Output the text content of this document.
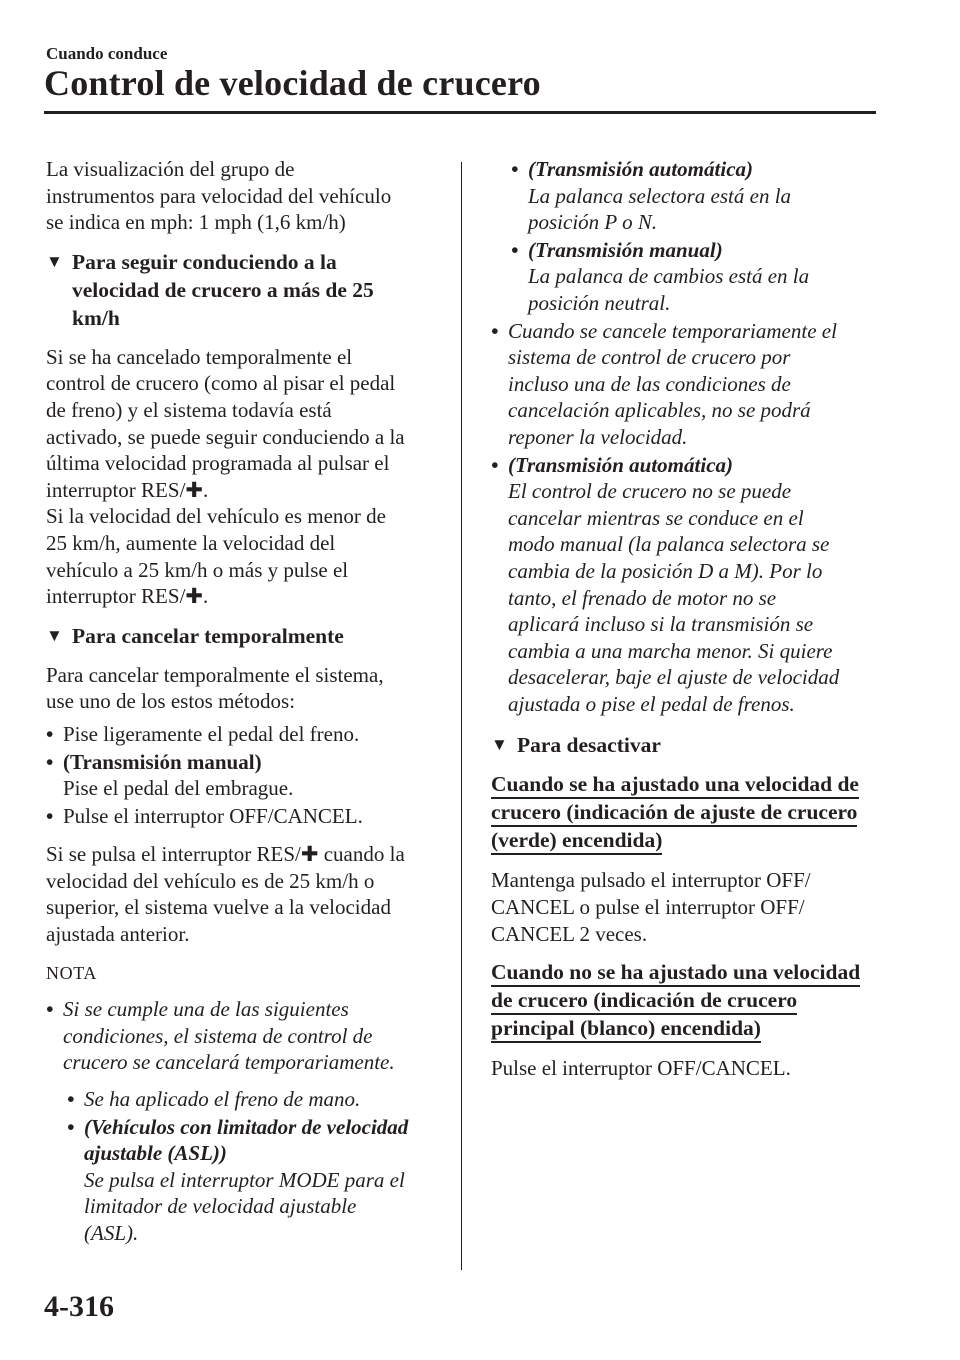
Cuando conduce
Control de velocidad de crucero

La visualización del grupo de
instrumentos para velocidad del vehículo
se indica en mph: 1 mph (1,6 km/h)

▼ Para seguir conduciendo a la
velocidad de crucero a más de 25
km/h

Si se ha cancelado temporalmente el
control de crucero (como al pisar el pedal
de freno) y el sistema todavía está
activado, se puede seguir conduciendo a la
última velocidad programada al pulsar el
interruptor RES/✚.

Si la velocidad del vehículo es menor de
25 km/h, aumente la velocidad del
vehículo a 25 km/h o más y pulse el
interruptor RES/✚.

▼ Para cancelar temporalmente

Para cancelar temporalmente el sistema,
use uno de los estos métodos:

• Pise ligeramente el pedal del freno.
• (Transmisión manual)
Pise el pedal del embrague.
• Pulse el interruptor OFF/CANCEL.

Si se pulsa el interruptor RES/✚ cuando la
velocidad del vehículo es de 25 km/h o
superior, el sistema vuelve a la velocidad
ajustada anterior.

NOTA
• Si se cumple una de las siguientes
condiciones, el sistema de control de
crucero se cancelará temporariamente.
• Se ha aplicado el freno de mano.
• (Vehículos con limitador de velocidad
ajustable (ASL))
Se pulsa el interruptor MODE para el
limitador de velocidad ajustable
(ASL).
• (Transmisión automática)
La palanca selectora está en la
posición P o N.
• (Transmisión manual)
La palanca de cambios está en la
posición neutral.
• Cuando se cancele temporariamente el
sistema de control de crucero por
incluso una de las condiciones de
cancelación aplicables, no se podrá
reponer la velocidad.
• (Transmisión automática)
El control de crucero no se puede
cancelar mientras se conduce en el
modo manual (la palanca selectora se
cambia de la posición D a M). Por lo
tanto, el frenado de motor no se
aplicará incluso si la transmisión se
cambia a una marcha menor. Si quiere
desacelerar, baje el ajuste de velocidad
ajustada o pise el pedal de frenos.
▼ Para desactivar
Cuando se ha ajustado una velocidad de
crucero (indicación de ajuste de crucero
(verde) encendida)

Mantenga pulsado el interruptor OFF/
CANCEL o pulse el interruptor OFF/
CANCEL 2 veces.

Cuando no se ha ajustado una velocidad
de crucero (indicación de crucero
principal (blanco) encendida)

Pulse el interruptor OFF/CANCEL.

4-316
